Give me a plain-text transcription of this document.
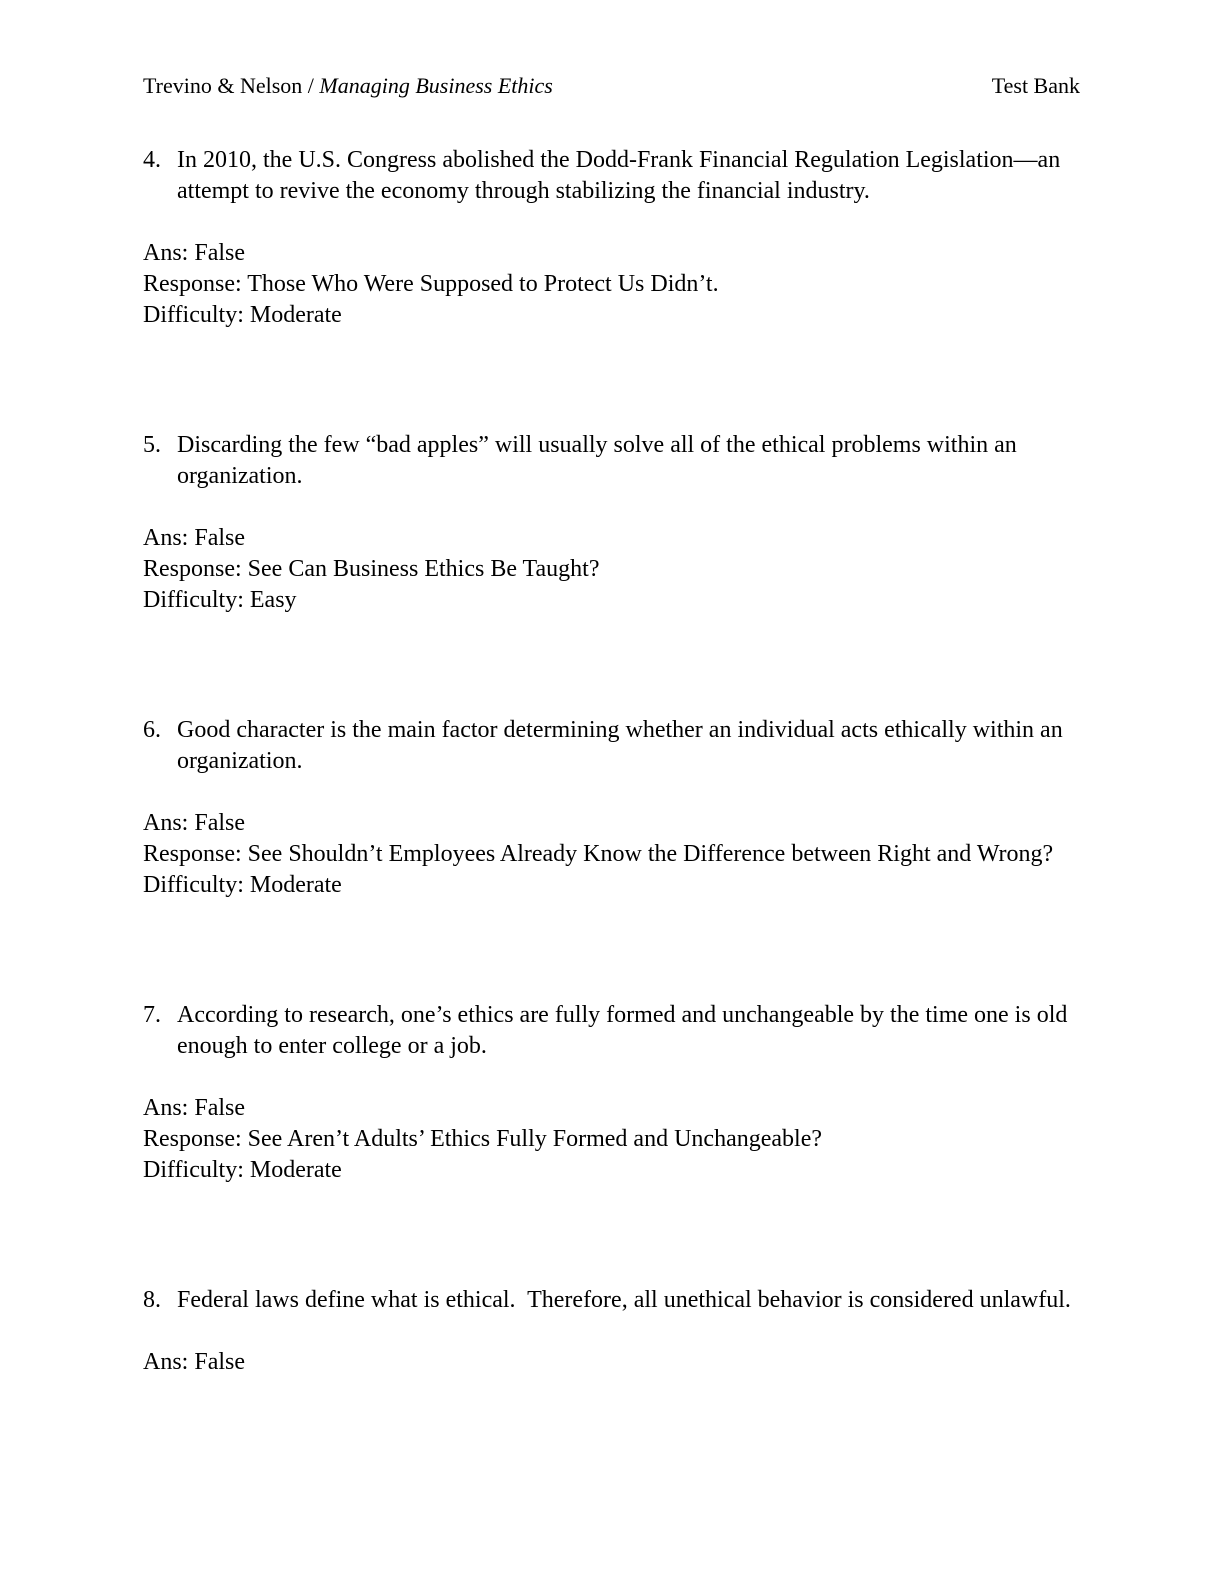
Trevino & Nelson / Managing Business Ethics	Test Bank
4. In 2010, the U.S. Congress abolished the Dodd-Frank Financial Regulation Legislation—an attempt to revive the economy through stabilizing the financial industry.
Ans: False
Response: Those Who Were Supposed to Protect Us Didn’t.
Difficulty: Moderate
5. Discarding the few “bad apples” will usually solve all of the ethical problems within an organization.
Ans: False
Response: See Can Business Ethics Be Taught?
Difficulty: Easy
6. Good character is the main factor determining whether an individual acts ethically within an organization.
Ans: False
Response: See Shouldn’t Employees Already Know the Difference between Right and Wrong?
Difficulty: Moderate
7. According to research, one’s ethics are fully formed and unchangeable by the time one is old enough to enter college or a job.
Ans: False
Response: See Aren’t Adults’ Ethics Fully Formed and Unchangeable?
Difficulty: Moderate
8. Federal laws define what is ethical.  Therefore, all unethical behavior is considered unlawful.
Ans: False
